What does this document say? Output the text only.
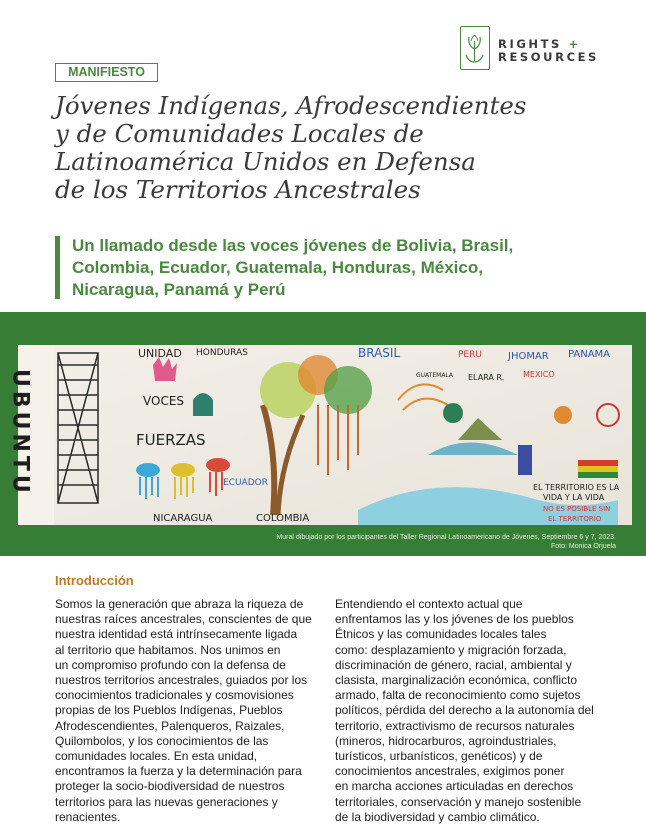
RIGHTS +
RESOURCES
MANIFIESTO
Jóvenes Indígenas, Afrodescendientes
y de Comunidades Locales de
Latinoamérica Unidos en Defensa
de los Territorios Ancestrales
Un llamado desde las voces jóvenes de Bolivia, Brasil,
Colombia, Ecuador, Guatemala, Honduras, México,
Nicaragua, Panamá y Perú
UBUNTU
UNIDAD HONDURAS
VOCES
FUERZAS
BRASIL	PERU	JHOMAR PANAMA
ELARA R. MEXICO
GUATEMALA
ECUADOR
NICARAGUA	COLOMBIA
EL TERRITORIO ES LA
VIDA Y LA VIDA
NO ES POSIBLE SIN
EL TERRITORIO
Mural dibujado por los participantes del Taller Regional Latinoamericano de Jóvenes, Septiembre 6 y 7, 2023.
Foto: Monica Orjuela
Introducción
Somos la generación que abraza la riqueza de
nuestras raíces ancestrales, conscientes de que
nuestra identidad está intrínsecamente ligada
al territorio que habitamos. Nos unimos en
un compromiso profundo con la defensa de
nuestros territorios ancestrales, guiados por los
conocimientos tradicionales y cosmovisiones
propias de los Pueblos Indígenas, Pueblos
Afrodescendientes, Palenqueros, Raizales,
Quilombolos, y los conocimientos de las
comunidades locales. En esta unidad,
encontramos la fuerza y la determinación para
proteger la socio-biodiversidad de nuestros
territorios para las nuevas generaciones y
renacientes.
Entendiendo el contexto actual que
enfrentamos las y los jóvenes de los pueblos
Étnicos y las comunidades locales tales
como: desplazamiento y migración forzada,
discriminación de género, racial, ambiental y
clasista, marginalización económica, conflicto
armado, falta de reconocimiento como sujetos
políticos, pérdida del derecho a la autonomía del
territorio, extractivismo de recursos naturales
(mineros, hidrocarburos, agroindustriales,
turísticos, urbanísticos, genéticos) y de
conocimientos ancestrales, exigimos poner
en marcha acciones articuladas en derechos
territoriales, conservación y manejo sostenible
de la biodiversidad y cambio climático.
